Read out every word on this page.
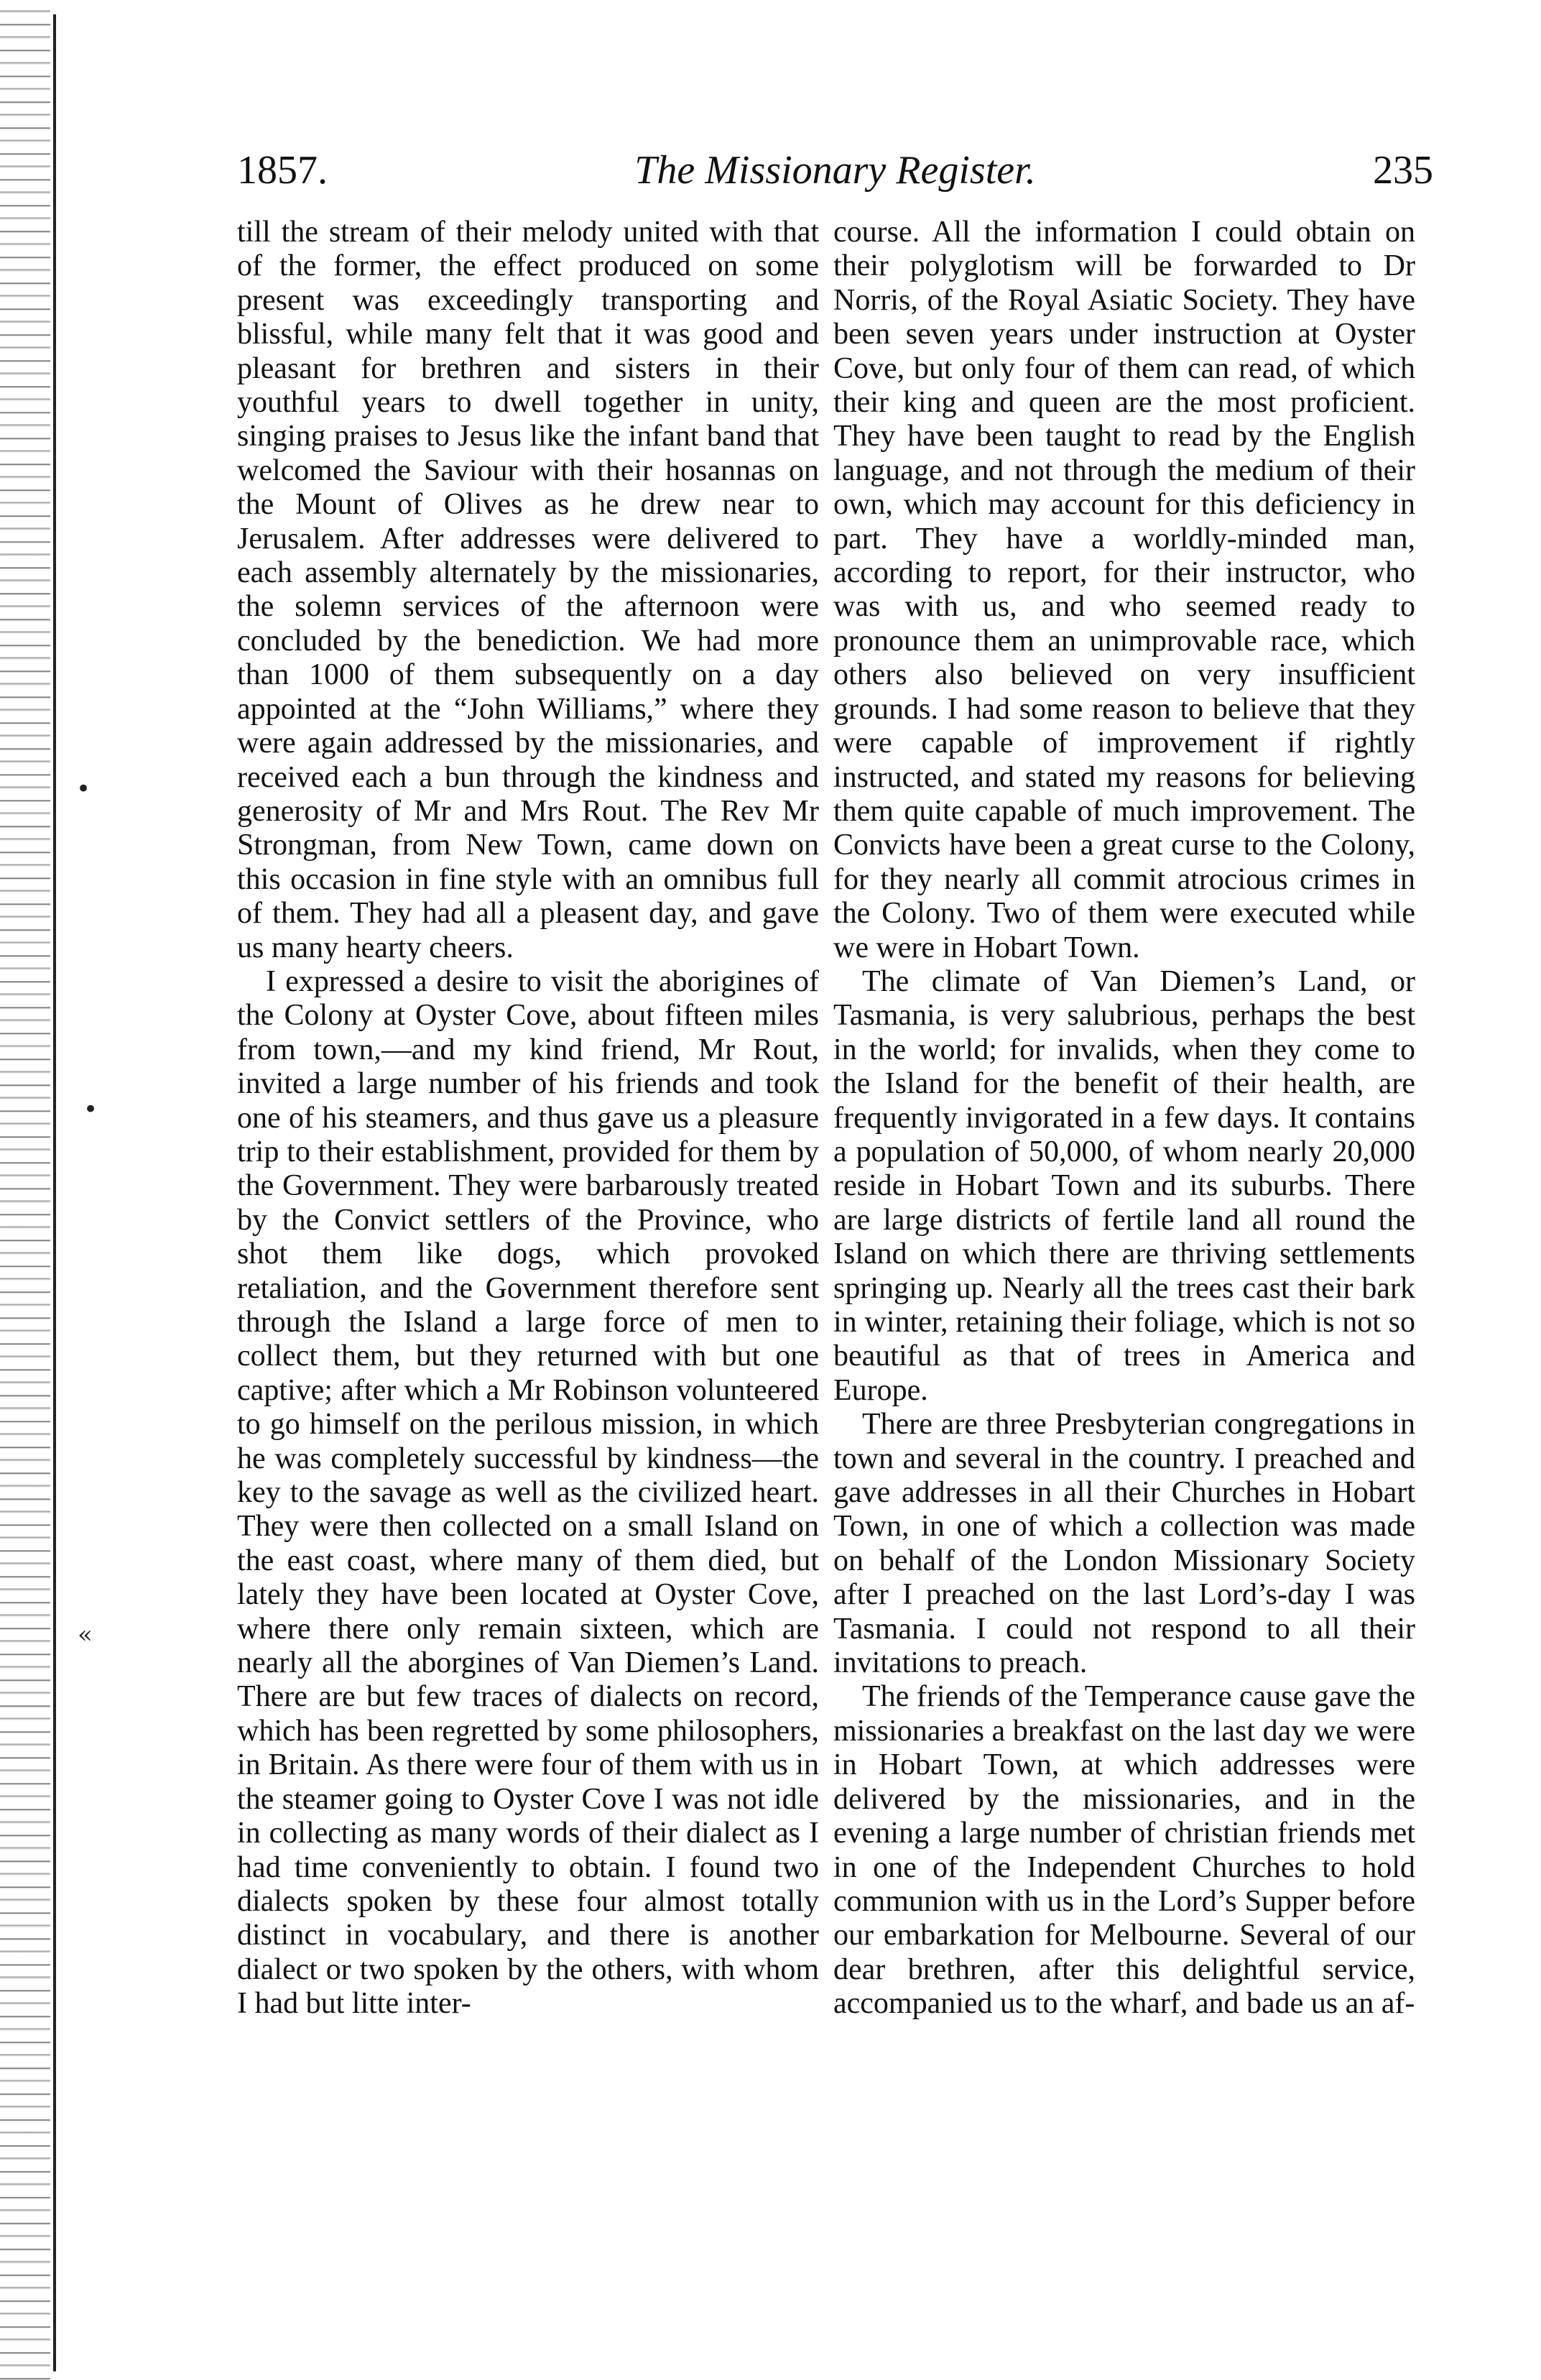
•
•
«
1857.	The Missionary Register.	235

till the stream of their melody united with that of the former, the effect produced on some present was exceedingly transporting and blissful, while many felt that it was good and pleasant for brethren and sisters in their youthful years to dwell together in unity, singing praises to Jesus like the infant band that welcomed the Saviour with their hosannas on the Mount of Olives as he drew near to Jerusalem. After addresses were delivered to each assembly alternately by the missionaries, the solemn services of the afternoon were concluded by the benediction. We had more than 1000 of them subsequently on a day appointed at the “John Williams,” where they were again addressed by the missionaries, and received each a bun through the kindness and generosity of Mr and Mrs Rout. The Rev Mr Strongman, from New Town, came down on this occasion in fine style with an omnibus full of them. They had all a pleasent day, and gave us many hearty cheers.

I expressed a desire to visit the aborigines of the Colony at Oyster Cove, about fifteen miles from town,—and my kind friend, Mr Rout, invited a large number of his friends and took one of his steamers, and thus gave us a pleasure trip to their establishment, provided for them by the Government. They were barbarously treated by the Convict settlers of the Province, who shot them like dogs, which provoked retaliation, and the Government therefore sent through the Island a large force of men to collect them, but they returned with but one captive; after which a Mr Robinson volunteered to go himself on the perilous mission, in which he was completely successful by kindness—the key to the savage as well as the civilized heart. They were then collected on a small Island on the east coast, where many of them died, but lately they have been located at Oyster Cove, where there only remain sixteen, which are nearly all the aborgines of Van Diemen’s Land. There are but few traces of dialects on record, which has been regretted by some philosophers, in Britain. As there were four of them with us in the steamer going to Oyster Cove I was not idle in collecting as many words of their dialect as I had time conveniently to obtain. I found two dialects spoken by these four almost totally distinct in vocabulary, and there is another dialect or two spoken by the others, with whom I had but litte inter-

course. All the information I could obtain on their polyglotism will be forwarded to Dr Norris, of the Royal Asiatic Society. They have been seven years under instruction at Oyster Cove, but only four of them can read, of which their king and queen are the most proficient. They have been taught to read by the English language, and not through the medium of their own, which may account for this deficiency in part. They have a worldly-minded man, according to report, for their instructor, who was with us, and who seemed ready to pronounce them an unimprovable race, which others also believed on very insufficient grounds. I had some reason to believe that they were capable of improvement if rightly instructed, and stated my reasons for believing them quite capable of much improvement. The Convicts have been a great curse to the Colony, for they nearly all commit atrocious crimes in the Colony. Two of them were executed while we were in Hobart Town.

The climate of Van Diemen’s Land, or Tasmania, is very salubrious, perhaps the best in the world; for invalids, when they come to the Island for the benefit of their health, are frequently invigorated in a few days. It contains a population of 50,000, of whom nearly 20,000 reside in Hobart Town and its suburbs. There are large districts of fertile land all round the Island on which there are thriving settlements springing up. Nearly all the trees cast their bark in winter, retaining their foliage, which is not so beautiful as that of trees in America and Europe.

There are three Presbyterian congregations in town and several in the country. I preached and gave addresses in all their Churches in Hobart Town, in one of which a collection was made on behalf of the London Missionary Society after I preached on the last Lord’s-day I was Tasmania. I could not respond to all their invitations to preach.

The friends of the Temperance cause gave the missionaries a breakfast on the last day we were in Hobart Town, at which addresses were delivered by the missionaries, and in the evening a large number of christian friends met in one of the Independent Churches to hold communion with us in the Lord’s Supper before our embarkation for Melbourne. Several of our dear brethren, after this delightful service, accompanied us to the wharf, and bade us an af-
